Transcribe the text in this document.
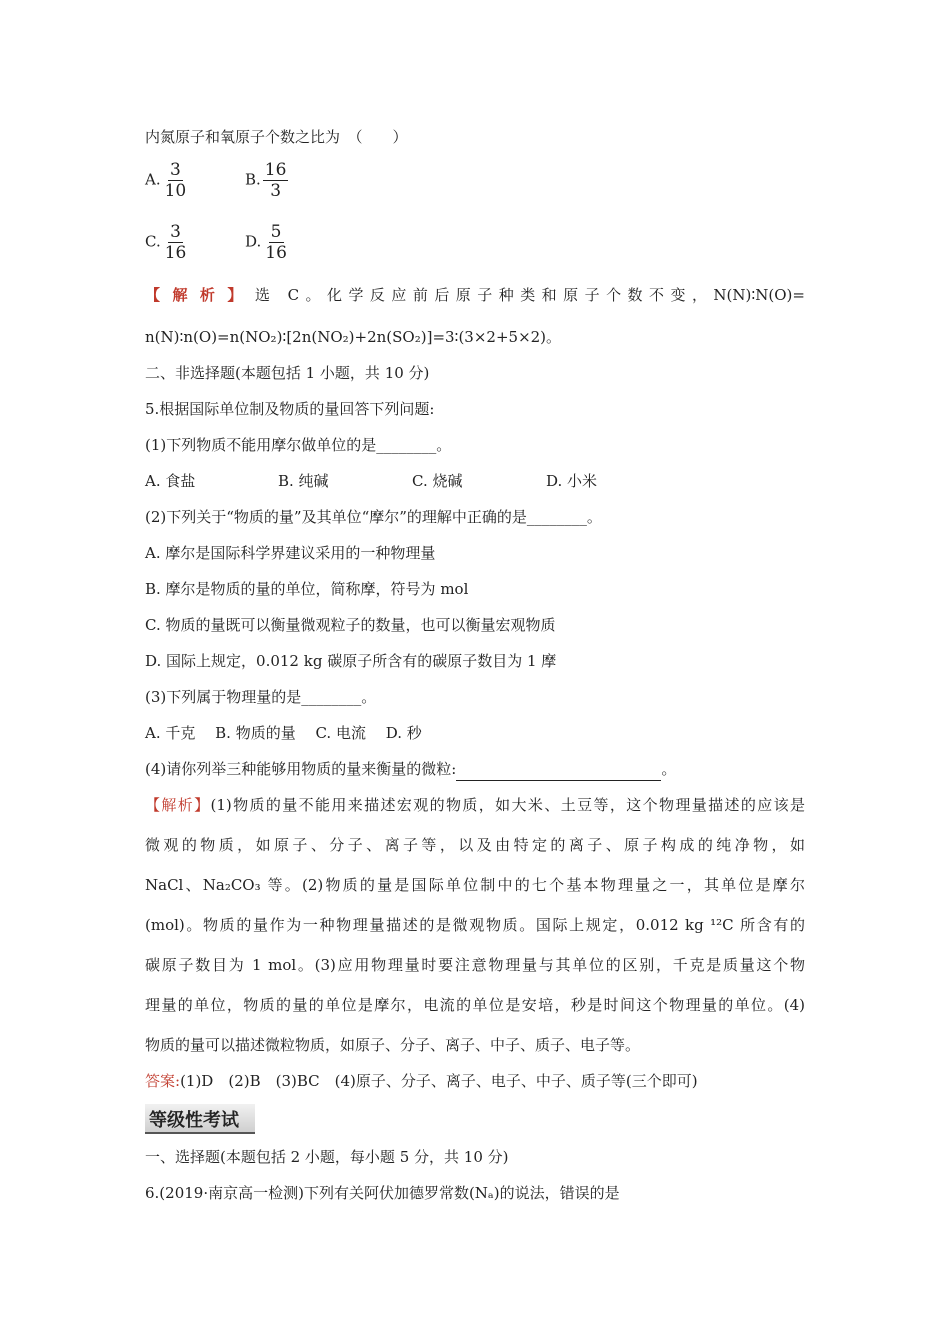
内氮原子和氧原子个数之比为　（　　）
A. $\frac{3}{10}$	B. $\frac{16}{3}$
C. $\frac{3}{16}$	D. $\frac{5}{16}$
【解析】选 C。化学反应前后原子种类和原子个数不变，N(N)∶N(O)=
n(N)∶n(O)=n(NO₂)∶[2n(NO₂)+2n(SO₂)]=3∶(3×2+5×2)。
二、非选择题(本题包括 1 小题，共 10 分)
5.根据国际单位制及物质的量回答下列问题:
(1)下列物质不能用摩尔做单位的是________。
A. 食盐	B. 纯碱	C. 烧碱	D. 小米
(2)下列关于“物质的量”及其单位“摩尔”的理解中正确的是________。
A. 摩尔是国际科学界建议采用的一种物理量
B. 摩尔是物质的量的单位，简称摩，符号为 mol
C. 物质的量既可以衡量微观粒子的数量，也可以衡量宏观物质
D. 国际上规定，0.012 kg 碳原子所含有的碳原子数目为 1 摩
(3)下列属于物理量的是________。
A. 千克　 B. 物质的量　 C. 电流　 D. 秒
(4)请你列举三种能够用物质的量来衡量的微粒:	。
【解析】(1)物质的量不能用来描述宏观的物质，如大米、土豆等，这个物理量描述的应该是
微观的物质，如原子、分子、离子等，以及由特定的离子、原子构成的纯净物，如
NaCl、Na₂CO₃ 等。(2)物质的量是国际单位制中的七个基本物理量之一，其单位是摩尔
(mol)。物质的量作为一种物理量描述的是微观物质。国际上规定，0.012 kg ¹²C 所含有的
碳原子数目为 1 mol。(3)应用物理量时要注意物理量与其单位的区别，千克是质量这个物
理量的单位，物质的量的单位是摩尔，电流的单位是安培，秒是时间这个物理量的单位。(4)
物质的量可以描述微粒物质，如原子、分子、离子、中子、质子、电子等。
答案:(1)D　(2)B　(3)BC　(4)原子、分子、离子、电子、中子、质子等(三个即可)
等级性考试
一、选择题(本题包括 2 小题，每小题 5 分，共 10 分)
6.(2019·南京高一检测)下列有关阿伏加德罗常数(Nₐ)的说法，错误的是
